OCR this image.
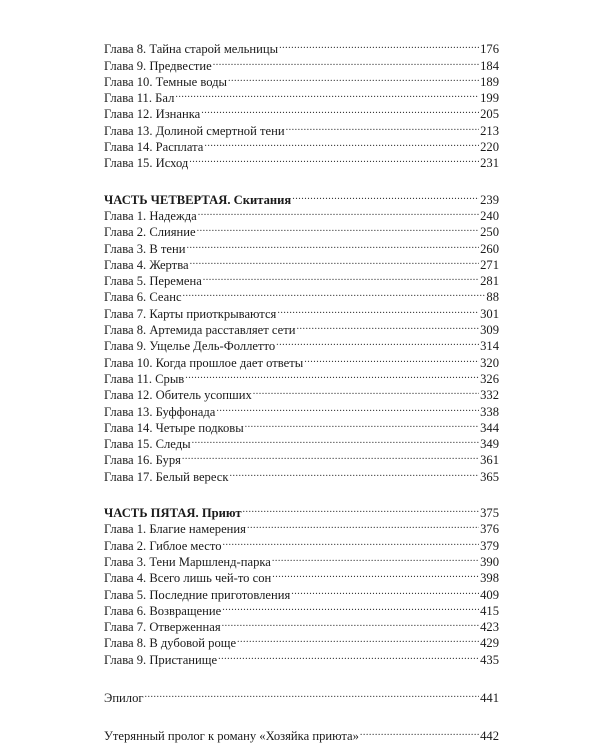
Глава 8. Тайна старой мельницы .....	176
Глава 9. Предвестие .....	184
Глава 10. Темные воды .....	189
Глава 11. Бал .....	199
Глава 12. Изнанка .....	205
Глава 13. Долиной смертной тени .....	213
Глава 14. Расплата .....	220
Глава 15. Исход .....	231
ЧАСТЬ ЧЕТВЕРТАЯ. Скитания .....	239
Глава 1. Надежда .....	240
Глава 2. Слияние .....	250
Глава 3. В тени .....	260
Глава 4. Жертва .....	271
Глава 5. Перемена .....	281
Глава 6. Сеанс .....	88
Глава 7. Карты приоткрываются .....	301
Глава 8. Артемида расставляет сети .....	309
Глава 9. Ущелье Дель-Фоллетто .....	314
Глава 10. Когда прошлое дает ответы .....	320
Глава 11. Срыв .....	326
Глава 12. Обитель усопших .....	332
Глава 13. Буффонада .....	338
Глава 14. Четыре подковы .....	344
Глава 15. Следы .....	349
Глава 16. Буря .....	361
Глава 17. Белый вереск .....	365
ЧАСТЬ ПЯТАЯ. Приют .....	375
Глава 1. Благие намерения .....	376
Глава 2. Гиблое место .....	379
Глава 3. Тени Маршленд-парка .....	390
Глава 4. Всего лишь чей-то сон .....	398
Глава 5. Последние приготовления .....	409
Глава 6. Возвращение .....	415
Глава 7. Отверженная .....	423
Глава 8. В дубовой роще .....	429
Глава 9. Пристанище .....	435
Эпилог .....	441
Утерянный пролог к роману «Хозяйка приюта» .....	442
